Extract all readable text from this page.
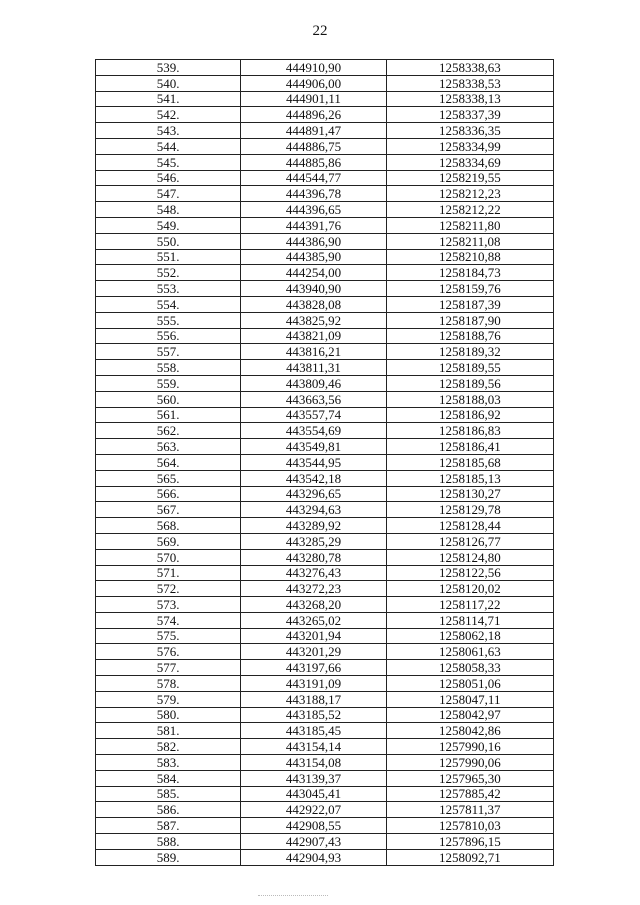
22
539.	444910,90	1258338,63
540.	444906,00	1258338,53
541.	444901,11	1258338,13
542.	444896,26	1258337,39
543.	444891,47	1258336,35
544.	444886,75	1258334,99
545.	444885,86	1258334,69
546.	444544,77	1258219,55
547.	444396,78	1258212,23
548.	444396,65	1258212,22
549.	444391,76	1258211,80
550.	444386,90	1258211,08
551.	444385,90	1258210,88
552.	444254,00	1258184,73
553.	443940,90	1258159,76
554.	443828,08	1258187,39
555.	443825,92	1258187,90
556.	443821,09	1258188,76
557.	443816,21	1258189,32
558.	443811,31	1258189,55
559.	443809,46	1258189,56
560.	443663,56	1258188,03
561.	443557,74	1258186,92
562.	443554,69	1258186,83
563.	443549,81	1258186,41
564.	443544,95	1258185,68
565.	443542,18	1258185,13
566.	443296,65	1258130,27
567.	443294,63	1258129,78
568.	443289,92	1258128,44
569.	443285,29	1258126,77
570.	443280,78	1258124,80
571.	443276,43	1258122,56
572.	443272,23	1258120,02
573.	443268,20	1258117,22
574.	443265,02	1258114,71
575.	443201,94	1258062,18
576.	443201,29	1258061,63
577.	443197,66	1258058,33
578.	443191,09	1258051,06
579.	443188,17	1258047,11
580.	443185,52	1258042,97
581.	443185,45	1258042,86
582.	443154,14	1257990,16
583.	443154,08	1257990,06
584.	443139,37	1257965,30
585.	443045,41	1257885,42
586.	442922,07	1257811,37
587.	442908,55	1257810,03
588.	442907,43	1257896,15
589.	442904,93	1258092,71
